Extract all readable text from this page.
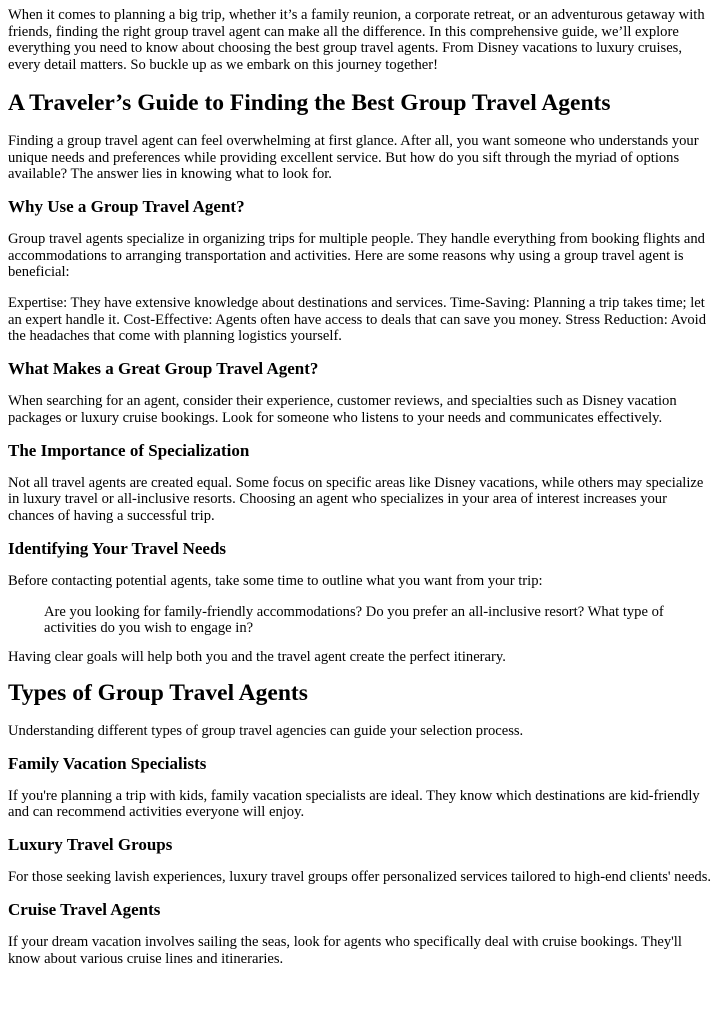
When it comes to planning a big trip, whether it’s a family reunion, a corporate retreat, or an adventurous getaway with friends, finding the right group travel agent can make all the difference. In this comprehensive guide, we’ll explore everything you need to know about choosing the best group travel agents. From Disney vacations to luxury cruises, every detail matters. So buckle up as we embark on this journey together!

A Traveler’s Guide to Finding the Best Group Travel Agents

Finding a group travel agent can feel overwhelming at first glance. After all, you want someone who understands your unique needs and preferences while providing excellent service. But how do you sift through the myriad of options available? The answer lies in knowing what to look for.

Why Use a Group Travel Agent?

Group travel agents specialize in organizing trips for multiple people. They handle everything from booking flights and accommodations to arranging transportation and activities. Here are some reasons why using a group travel agent is beneficial:

Expertise: They have extensive knowledge about destinations and services. Time-Saving: Planning a trip takes time; let an expert handle it. Cost-Effective: Agents often have access to deals that can save you money. Stress Reduction: Avoid the headaches that come with planning logistics yourself.

What Makes a Great Group Travel Agent?

When searching for an agent, consider their experience, customer reviews, and specialties such as Disney vacation packages or luxury cruise bookings. Look for someone who listens to your needs and communicates effectively.

The Importance of Specialization

Not all travel agents are created equal. Some focus on specific areas like Disney vacations, while others may specialize in luxury travel or all-inclusive resorts. Choosing an agent who specializes in your area of interest increases your chances of having a successful trip.

Identifying Your Travel Needs

Before contacting potential agents, take some time to outline what you want from your trip:

Are you looking for family-friendly accommodations? Do you prefer an all-inclusive resort? What type of activities do you wish to engage in?

Having clear goals will help both you and the travel agent create the perfect itinerary.

Types of Group Travel Agents

Understanding different types of group travel agencies can guide your selection process.

Family Vacation Specialists

If you're planning a trip with kids, family vacation specialists are ideal. They know which destinations are kid-friendly and can recommend activities everyone will enjoy.

Luxury Travel Groups

For those seeking lavish experiences, luxury travel groups offer personalized services tailored to high-end clients' needs.

Cruise Travel Agents

If your dream vacation involves sailing the seas, look for agents who specifically deal with cruise bookings. They'll know about various cruise lines and itineraries.
